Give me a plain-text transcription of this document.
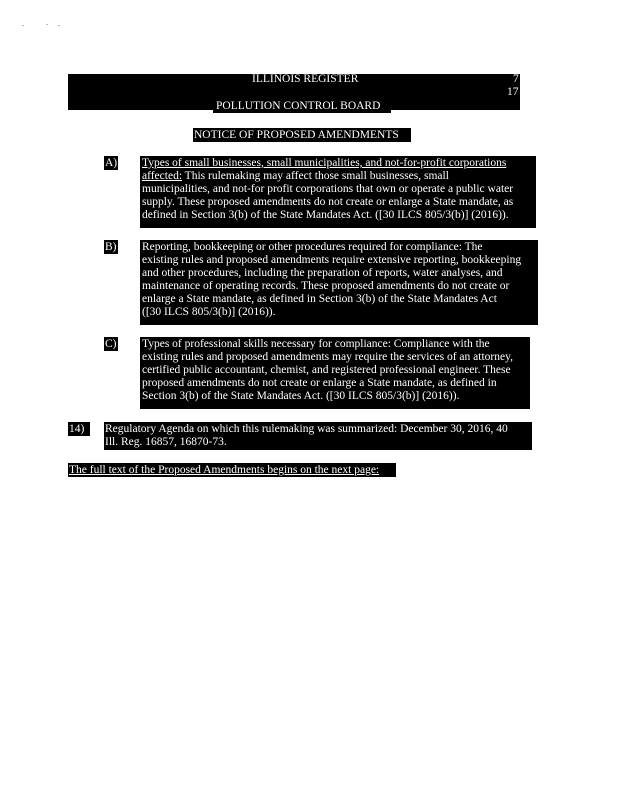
ILLINOIS REGISTER	7
17
POLLUTION CONTROL BOARD
NOTICE OF PROPOSED AMENDMENTS
A) Types of small businesses, small municipalities, and not-for-profit corporations
affected: This rulemaking may affect those small businesses, small
municipalities, and not-for profit corporations that own or operate a public water
supply. These proposed amendments do not create or enlarge a State mandate, as
defined in Section 3(b) of the State Mandates Act. ([30 ILCS 805/3(b)] (2016)).
B) Reporting, bookkeeping or other procedures required for compliance: The
existing rules and proposed amendments require extensive reporting, bookkeeping
and other procedures, including the preparation of reports, water analyses, and
maintenance of operating records. These proposed amendments do not create or
enlarge a State mandate, as defined in Section 3(b) of the State Mandates Act
([30 ILCS 805/3(b)] (2016)).
C) Types of professional skills necessary for compliance: Compliance with the
existing rules and proposed amendments may require the services of an attorney,
certified public accountant, chemist, and registered professional engineer. These
proposed amendments do not create or enlarge a State mandate, as defined in
Section 3(b) of the State Mandates Act. ([30 ILCS 805/3(b)] (2016)).
14) Regulatory Agenda on which this rulemaking was summarized: December 30, 2016, 40
Ill. Reg. 16857, 16870-73.
The full text of the Proposed Amendments begins on the next page:
